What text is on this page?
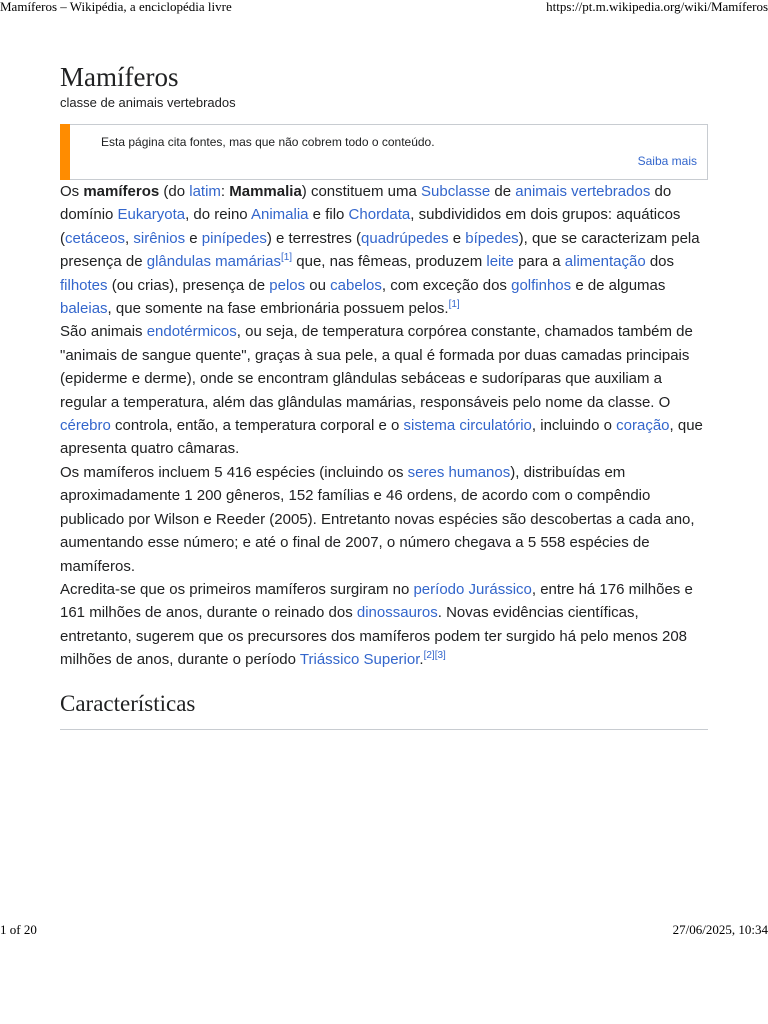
Mamíferos – Wikipédia, a enciclopédia livre	https://pt.m.wikipedia.org/wiki/Mamíferos
Mamíferos
classe de animais vertebrados
Esta página cita fontes, mas que não cobrem todo o conteúdo.
Saiba mais

Os mamíferos (do latim: Mammalia) constituem uma Subclasse de animais vertebrados do domínio Eukaryota, do reino Animalia e filo Chordata, subdivididos em dois grupos: aquáticos (cetáceos, sirênios e pinípedes) e terrestres (quadrúpedes e bípedes), que se caracterizam pela presença de glândulas mamárias[1] que, nas fêmeas, produzem leite para a alimentação dos filhotes (ou crias), presença de pelos ou cabelos, com exceção dos golfinhos e de algumas baleias, que somente na fase embrionária possuem pelos.[1]

São animais endotérmicos, ou seja, de temperatura corpórea constante, chamados também de "animais de sangue quente", graças à sua pele, a qual é formada por duas camadas principais (epiderme e derme), onde se encontram glândulas sebáceas e sudoríparas que auxiliam a regular a temperatura, além das glândulas mamárias, responsáveis pelo nome da classe. O cérebro controla, então, a temperatura corporal e o sistema circulatório, incluindo o coração, que apresenta quatro câmaras.

Os mamíferos incluem 5 416 espécies (incluindo os seres humanos), distribuídas em aproximadamente 1 200 gêneros, 152 famílias e 46 ordens, de acordo com o compêndio publicado por Wilson e Reeder (2005). Entretanto novas espécies são descobertas a cada ano, aumentando esse número; e até o final de 2007, o número chegava a 5 558 espécies de mamíferos.

Acredita-se que os primeiros mamíferos surgiram no período Jurássico, entre há 176 milhões e 161 milhões de anos, durante o reinado dos dinossauros. Novas evidências científicas, entretanto, sugerem que os precursores dos mamíferos podem ter surgido há pelo menos 208 milhões de anos, durante o período Triássico Superior.[2][3]

Características
1 of 20	27/06/2025, 10:34
